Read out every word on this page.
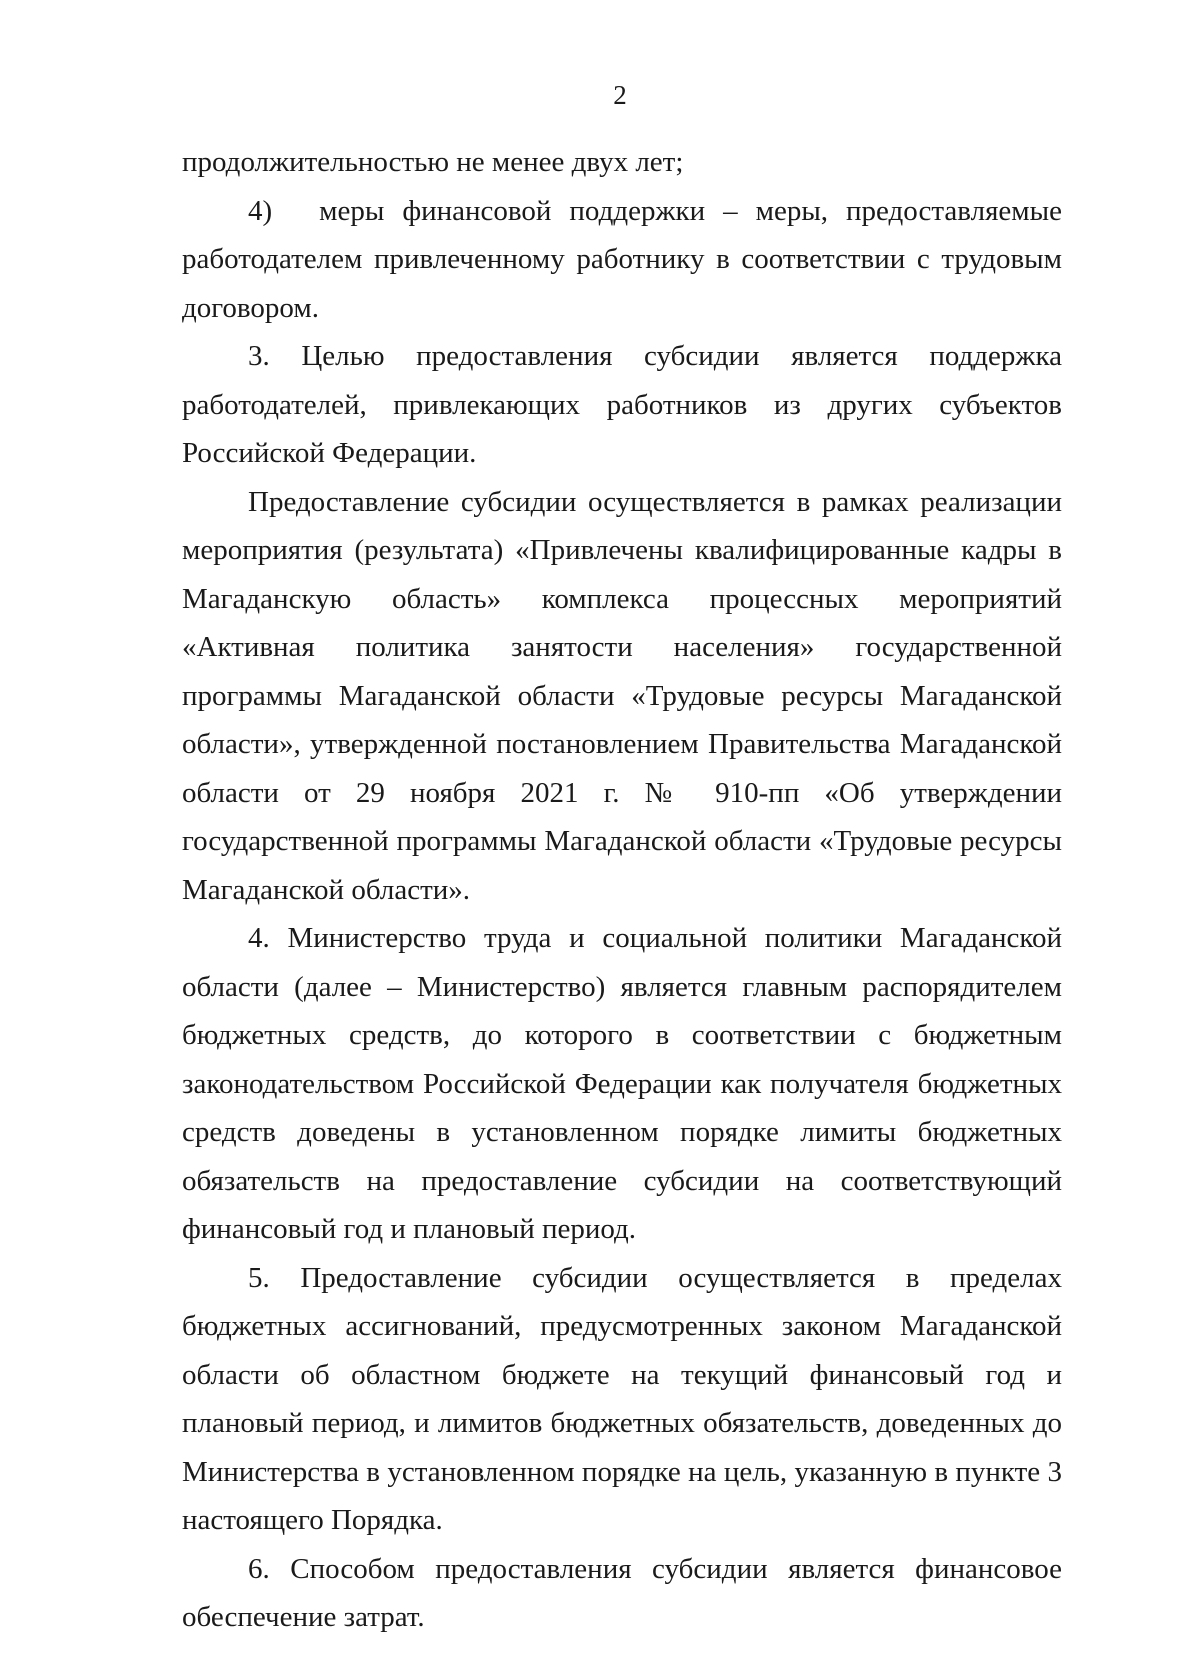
2

продолжительностью не менее двух лет;

4)  меры финансовой поддержки – меры, предоставляемые работодателем привлеченному работнику в соответствии с трудовым договором.

3. Целью предоставления субсидии является поддержка работодателей, привлекающих работников из других субъектов Российской Федерации.

Предоставление субсидии осуществляется в рамках реализации мероприятия (результата) «Привлечены квалифицированные кадры в Магаданскую область» комплекса процессных мероприятий «Активная политика занятости населения» государственной программы Магаданской области «Трудовые ресурсы Магаданской области», утвержденной постановлением Правительства Магаданской области от 29 ноября 2021 г. № 910-пп «Об утверждении государственной программы Магаданской области «Трудовые ресурсы Магаданской области».

4. Министерство труда и социальной политики Магаданской области (далее – Министерство) является главным распорядителем бюджетных средств, до которого в соответствии с бюджетным законодательством Российской Федерации как получателя бюджетных средств доведены в установленном порядке лимиты бюджетных обязательств на предоставление субсидии на соответствующий финансовый год и плановый период.

5. Предоставление субсидии осуществляется в пределах бюджетных ассигнований, предусмотренных законом Магаданской области об областном бюджете на текущий финансовый год и плановый период, и лимитов бюджетных обязательств, доведенных до Министерства в установленном порядке на цель, указанную в пункте 3 настоящего Порядка.

6. Способом предоставления субсидии является финансовое обеспечение затрат.
